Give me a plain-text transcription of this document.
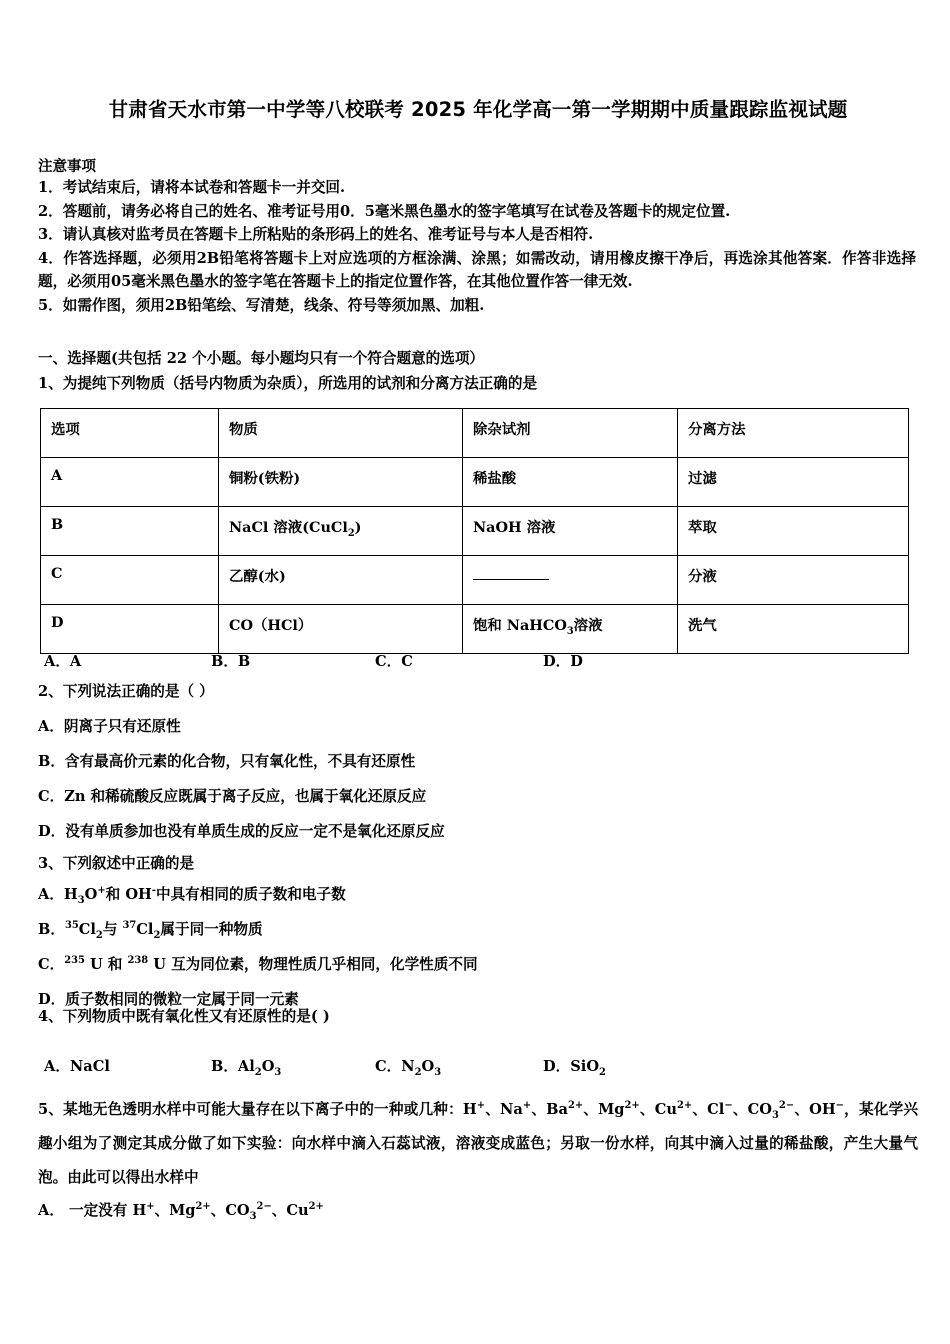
甘肃省天水市第一中学等八校联考 2025 年化学高一第一学期期中质量跟踪监视试题
注意事项

1．考试结束后，请将本试卷和答题卡一并交回.

2．答题前，请务必将自己的姓名、准考证号用0．5毫米黑色墨水的签字笔填写在试卷及答题卡的规定位置.

3．请认真核对监考员在答题卡上所粘贴的条形码上的姓名、准考证号与本人是否相符.

4．作答选择题，必须用2B铅笔将答题卡上对应选项的方框涂满、涂黑；如需改动，请用橡皮擦干净后，再选涂其他答案．作答非选择题，必须用05毫米黑色墨水的签字笔在答题卡上的指定位置作答，在其他位置作答一律无效.

5．如需作图，须用2B铅笔绘、写清楚，线条、符号等须加黑、加粗.

一、选择题(共包括 22 个小题。每小题均只有一个符合题意的选项）
1、为提纯下列物质（括号内物质为杂质），所选用的试剂和分离方法正确的是
选项	物质	除杂试剂	分离方法
A	铜粉(铁粉)	稀盐酸	过滤
B	NaCl 溶液(CuCl$_2$)	NaOH 溶液	萃取
C	乙醇(水)		分液
D	CO（HCl）	饱和 NaHCO$_3$溶液	洗气
A．A	B．B	C．C	D．D
2、下列说法正确的是（ ）
A．阴离子只有还原性
B．含有最高价元素的化合物，只有氧化性，不具有还原性
C．Zn 和稀硫酸反应既属于离子反应，也属于氧化还原反应
D．没有单质参加也没有单质生成的反应一定不是氧化还原反应
3、下列叙述中正确的是
A．$H_3O^+$和 OH-中具有相同的质子数和电子数
B．$^{35}Cl_2$与 $^{37}Cl_2$属于同一种物质
C．$^{235}$ U 和 $^{238}$ U 互为同位素，物理性质几乎相同，化学性质不同
D．质子数相同的微粒一定属于同一元素
4、下列物质中既有氧化性又有还原性的是( )
A．NaCl	B．$Al_2O_3$	C．$N_2O_3$	D．SiO$_2$
5、某地无色透明水样中可能大量存在以下离子中的一种或几种：H+、Na+、$Ba^{2+}$、$Mg^{2+}$、$Cu^{2+}$、Cl−、$CO_3^{2-}$、OH−，某化学兴趣小组为了测定其成分做了如下实验：向水样中滴入石蕊试液，溶液变成蓝色；另取一份水样，向其中滴入过量的稀盐酸，产生大量气泡。由此可以得出水样中
A． 一定没有 H+、$Mg^{2+}$、$CO_3^{2-}$、$Cu^{2+}$
